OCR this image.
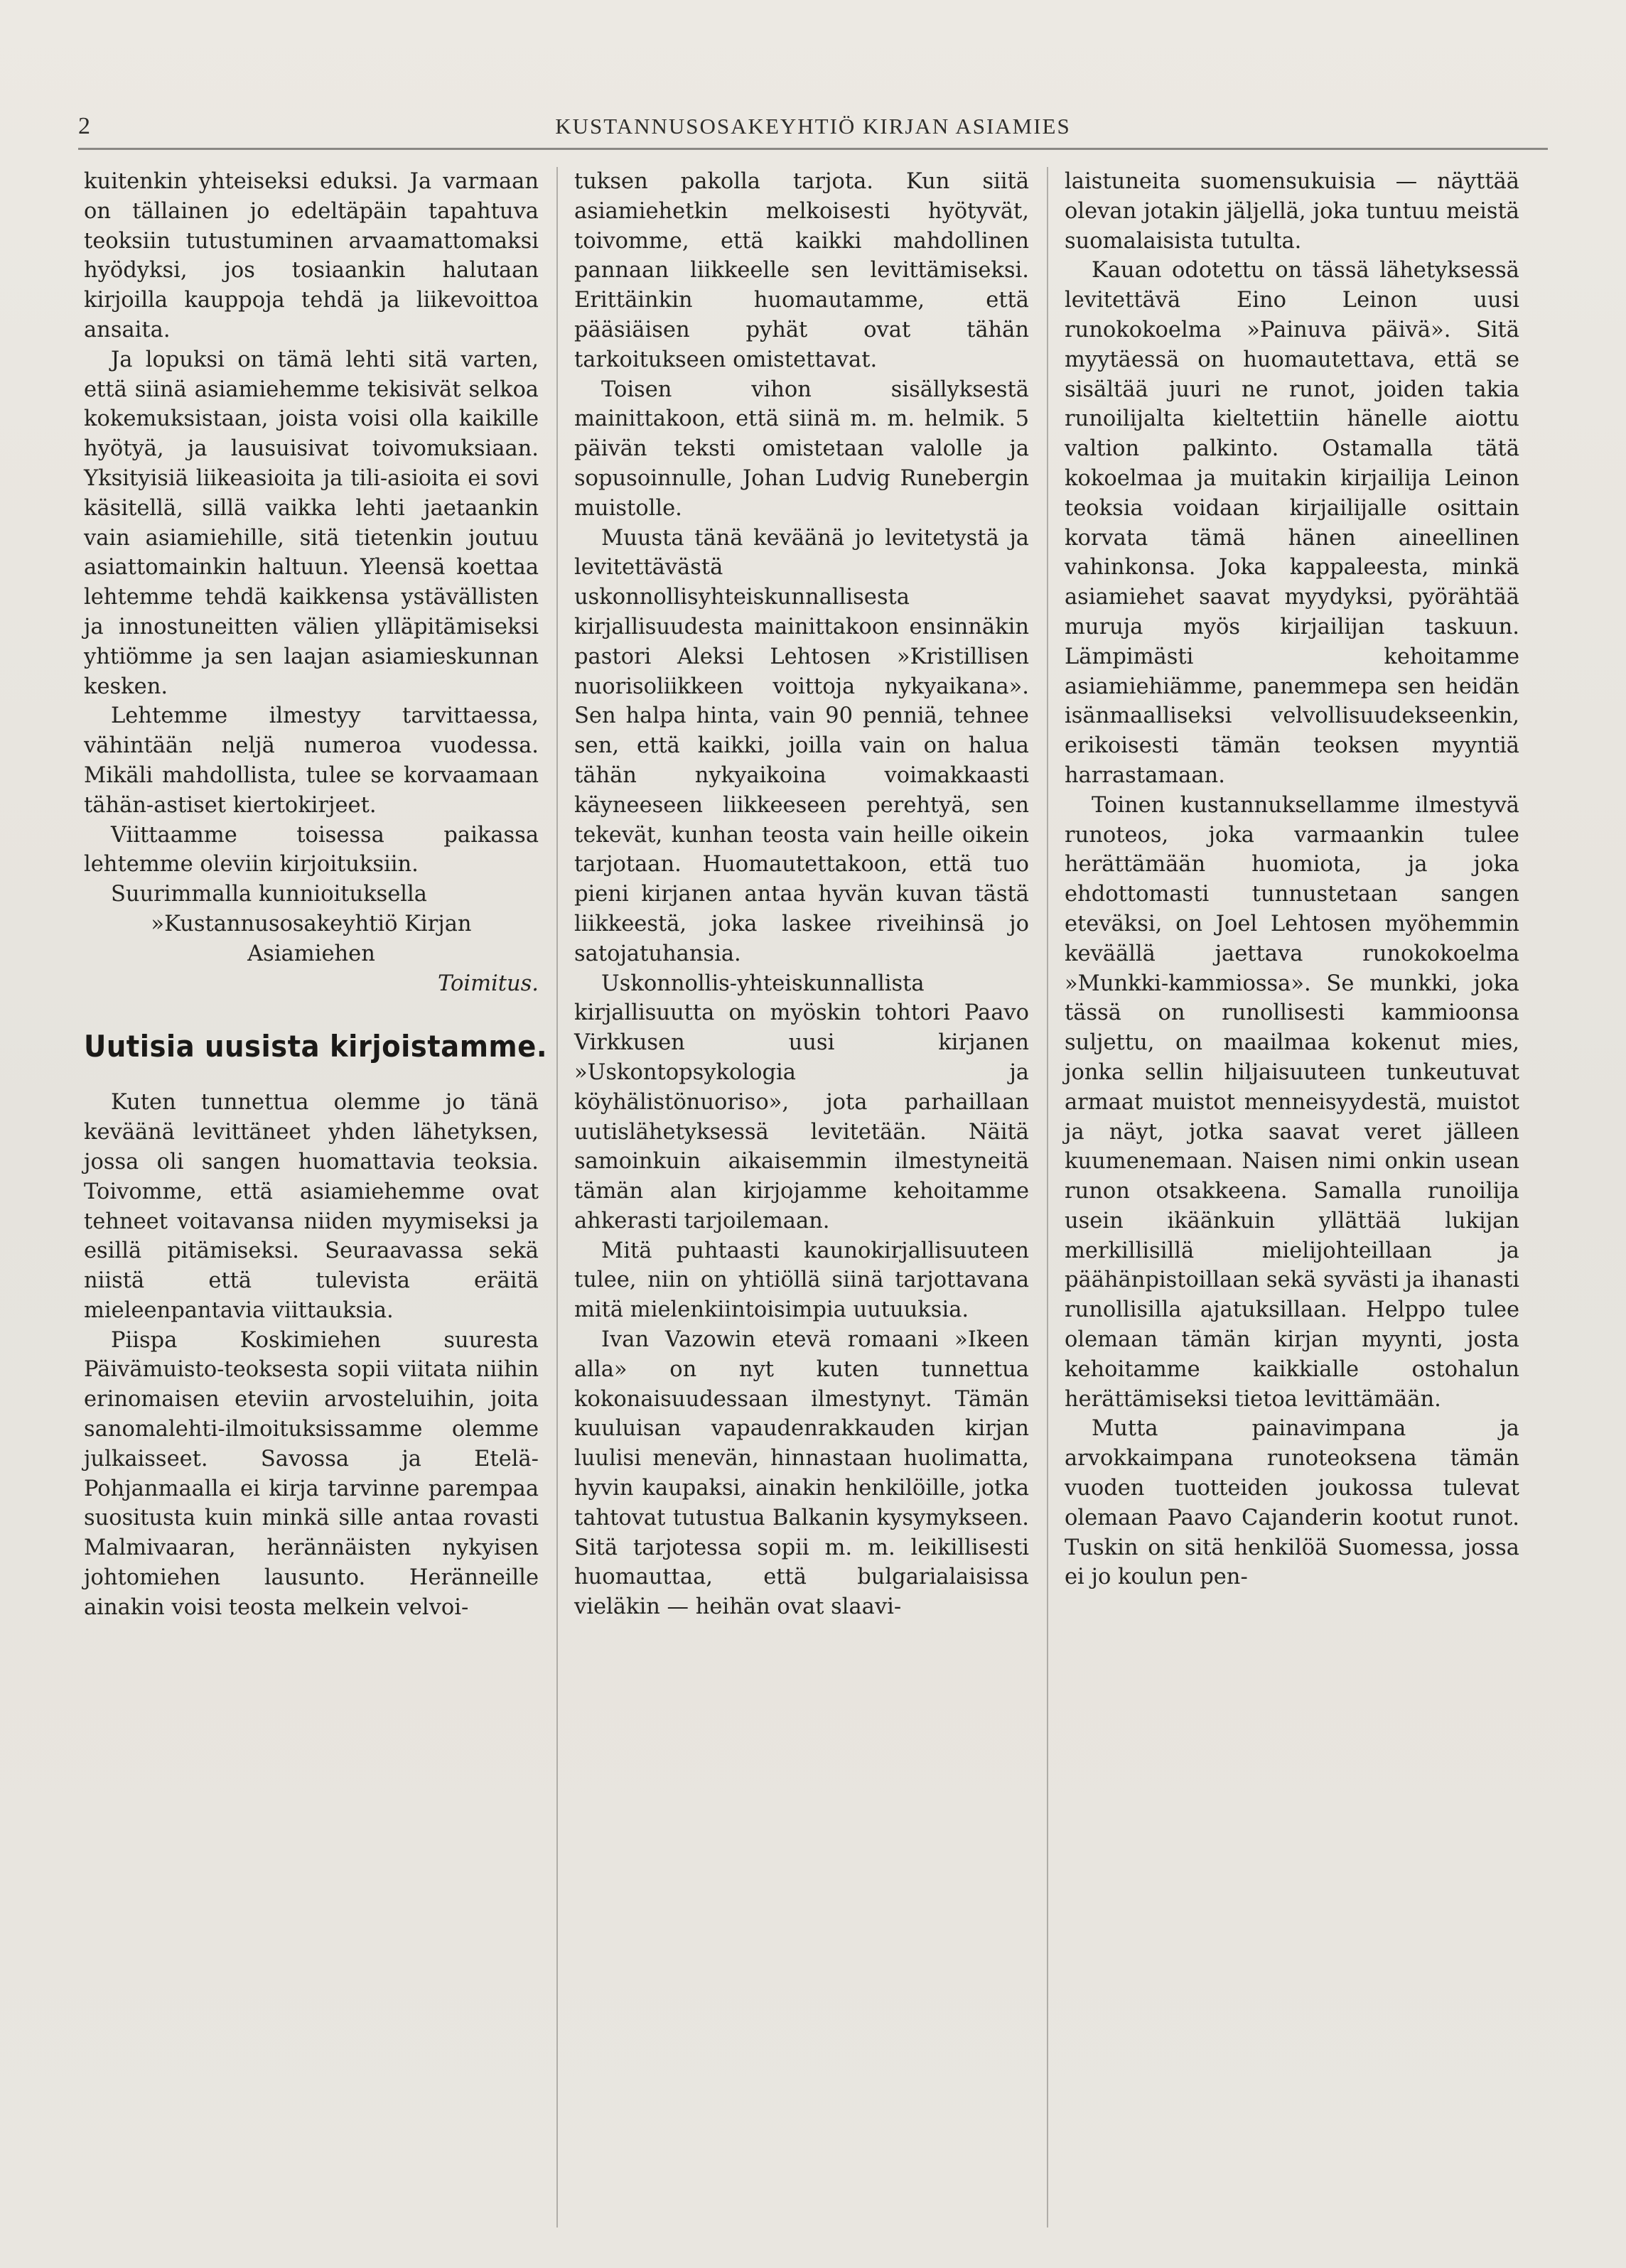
2	KUSTANNUSOSAKEYHTIÖ KIRJAN ASIAMIES

kuitenkin yhteiseksi eduksi. Ja varmaan on tällainen jo edeltäpäin tapahtuva teoksiin tutustuminen arvaamattomaksi hyödyksi, jos tosiaankin halutaan kirjoilla kauppoja tehdä ja liikevoittoa ansaita.

Ja lopuksi on tämä lehti sitä varten, että siinä asiamiehemme tekisivät selkoa kokemuksistaan, joista voisi olla kaikille hyötyä, ja lausuisivat toivomuksiaan. Yksityisiä liikeasioita ja tili-asioita ei sovi käsitellä, sillä vaikka lehti jaetaankin vain asiamiehille, sitä tietenkin joutuu asiattomainkin haltuun. Yleensä koettaa lehtemme tehdä kaikkensa ystävällisten ja innostuneitten välien ylläpitämiseksi yhtiömme ja sen laajan asiamieskunnan kesken.

Lehtemme ilmestyy tarvittaessa, vähintään neljä numeroa vuodessa. Mikäli mahdollista, tulee se korvaamaan tähän-astiset kiertokirjeet.

Viittaamme toisessa paikassa lehtemme oleviin kirjoituksiin.

Suurimmalla kunnioituksella

»Kustannusosakeyhtiö Kirjan Asiamiehen

Toimitus.

Uutisia uusista kirjoistamme.

Kuten tunnettua olemme jo tänä keväänä levittäneet yhden lähetyksen, jossa oli sangen huomattavia teoksia. Toivomme, että asiamiehemme ovat tehneet voitavansa niiden myymiseksi ja esillä pitämiseksi. Seuraavassa sekä niistä että tulevista eräitä mieleenpantavia viittauksia.

Piispa Koskimiehen suuresta Päivämuisto-teoksesta sopii viitata niihin erinomaisen eteviin arvosteluihin, joita sanomalehti-ilmoituksissamme olemme julkaisseet. Savossa ja Etelä-Pohjanmaalla ei kirja tarvinne parempaa suositusta kuin minkä sille antaa rovasti Malmivaaran, herännäisten nykyisen johtomiehen lausunto. Heränneille ainakin voisi teosta melkein velvoi-

tuksen pakolla tarjota. Kun siitä asiamiehetkin melkoisesti hyötyvät, toivomme, että kaikki mahdollinen pannaan liikkeelle sen levittämiseksi. Erittäinkin huomautamme, että pääsiäisen pyhät ovat tähän tarkoitukseen omistettavat.

Toisen vihon sisällyksestä mainittakoon, että siinä m. m. helmik. 5 päivän teksti omistetaan valolle ja sopusoinnulle, Johan Ludvig Runebergin muistolle.

Muusta tänä keväänä jo levitetystä ja levitettävästä uskonnollisyhteiskunnallisesta kirjallisuudesta mainittakoon ensinnäkin pastori Aleksi Lehtosen »Kristillisen nuorisoliikkeen voittoja nykyaikana». Sen halpa hinta, vain 90 penniä, tehnee sen, että kaikki, joilla vain on halua tähän nykyaikoina voimakkaasti käyneeseen liikkeeseen perehtyä, sen tekevät, kunhan teosta vain heille oikein tarjotaan. Huomautettakoon, että tuo pieni kirjanen antaa hyvän kuvan tästä liikkeestä, joka laskee riveihinsä jo satojatuhansia.

Uskonnollis-yhteiskunnallista kirjallisuutta on myöskin tohtori Paavo Virkkusen uusi kirjanen »Uskontopsykologia ja köyhälistönuoriso», jota parhaillaan uutislähetyksessä levitetään. Näitä samoinkuin aikaisemmin ilmestyneitä tämän alan kirjojamme kehoitamme ahkerasti tarjoilemaan.

Mitä puhtaasti kaunokirjallisuuteen tulee, niin on yhtiöllä siinä tarjottavana mitä mielenkiintoisimpia uutuuksia.

Ivan Vazowin etevä romaani »Ikeen alla» on nyt kuten tunnettua kokonaisuudessaan ilmestynyt. Tämän kuuluisan vapaudenrakkauden kirjan luulisi menevän, hinnastaan huolimatta, hyvin kaupaksi, ainakin henkilöille, jotka tahtovat tutustua Balkanin kysymykseen. Sitä tarjotessa sopii m. m. leikillisesti huomauttaa, että bulgarialaisissa vieläkin — heihän ovat slaavi-

laistuneita suomensukuisia — näyttää olevan jotakin jäljellä, joka tuntuu meistä suomalaisista tutulta.

Kauan odotettu on tässä lähetyksessä levitettävä Eino Leinon uusi runokokoelma »Painuva päivä». Sitä myytäessä on huomautettava, että se sisältää juuri ne runot, joiden takia runoilijalta kieltettiin hänelle aiottu valtion palkinto. Ostamalla tätä kokoelmaa ja muitakin kirjailija Leinon teoksia voidaan kirjailijalle osittain korvata tämä hänen aineellinen vahinkonsa. Joka kappaleesta, minkä asiamiehet saavat myydyksi, pyörähtää muruja myös kirjailijan taskuun. Lämpimästi kehoitamme asiamiehiämme, panemmepa sen heidän isänmaalliseksi velvollisuudekseenkin, erikoisesti tämän teoksen myyntiä harrastamaan.

Toinen kustannuksellamme ilmestyvä runoteos, joka varmaankin tulee herättämään huomiota, ja joka ehdottomasti tunnustetaan sangen eteväksi, on Joel Lehtosen myöhemmin keväällä jaettava runokokoelma »Munkki-kammiossa». Se munkki, joka tässä on runollisesti kammioonsa suljettu, on maailmaa kokenut mies, jonka sellin hiljaisuuteen tunkeutuvat armaat muistot menneisyydestä, muistot ja näyt, jotka saavat veret jälleen kuumenemaan. Naisen nimi onkin usean runon otsakkeena. Samalla runoilija usein ikäänkuin yllättää lukijan merkillisillä mielijohteillaan ja päähänpistoillaan sekä syvästi ja ihanasti runollisilla ajatuksillaan. Helppo tulee olemaan tämän kirjan myynti, josta kehoitamme kaikkialle ostohalun herättämiseksi tietoa levittämään.

Mutta painavimpana ja arvokkaimpana runoteoksena tämän vuoden tuotteiden joukossa tulevat olemaan Paavo Cajanderin kootut runot. Tuskin on sitä henkilöä Suomessa, jossa ei jo koulun pen-
